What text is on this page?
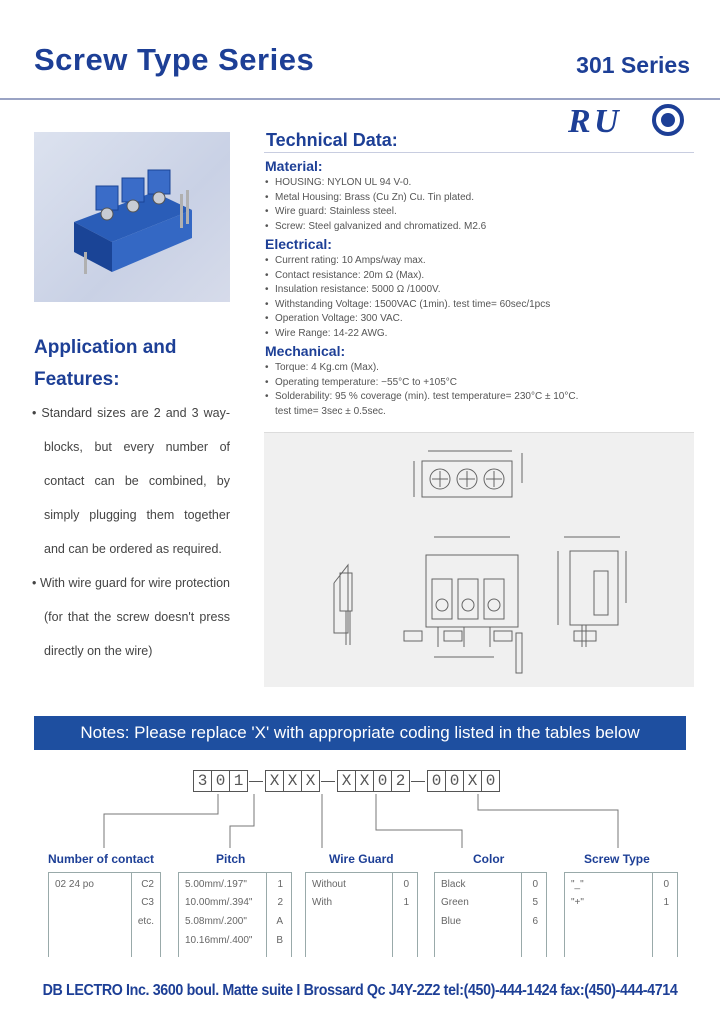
Screw Type Series	301 Series
R U
Application and
Features:
• Standard sizes are 2 and 3 way-blocks, but every number of contact can be combined, by simply plugging them together and can be ordered as required.
• With wire guard for wire protection (for that the screw doesn't press directly on the wire)
Technical Data:
Material:
• HOUSING: NYLON UL 94 V-0.
• Metal Housing: Brass (Cu Zn) Cu. Tin plated.
• Wire guard: Stainless steel.
• Screw: Steel galvanized and chromatized. M2.6
Electrical:
• Current rating: 10 Amps/way max.
• Contact resistance: 20m Ω (Max).
• Insulation resistance: 5000 Ω /1000V.
• Withstanding Voltage: 1500VAC (1min). test time= 60sec/1pcs
• Operation Voltage: 300 VAC.
• Wire Range: 14-22 AWG.
Mechanical:
• Torque: 4 Kg.cm (Max).
• Operating temperature: −55°C to +105°C
• Solderability: 95 % coverage (min). test temperature= 230°C ± 10°C.
test time= 3sec ± 0.5sec.
Notes: Please replace 'X' with appropriate coding listed in the tables below
3 0 1 X X X X X 0 2 0 0 X 0
Number of contact	Pitch	Wire Guard	Color	Screw Type
02 24 po	C2
C3
etc.
5.00mm/.197"	1
10.00mm/.394" 2
5.08mm/.200"	A
10.16mm/.400" B
Without	0
With	1
Black	0
Green	5
Blue	6
"_"	0
"+"	1
DB LECTRO Inc. 3600 boul. Matte suite I Brossard Qc J4Y-2Z2 tel:(450)-444-1424 fax:(450)-444-4714
